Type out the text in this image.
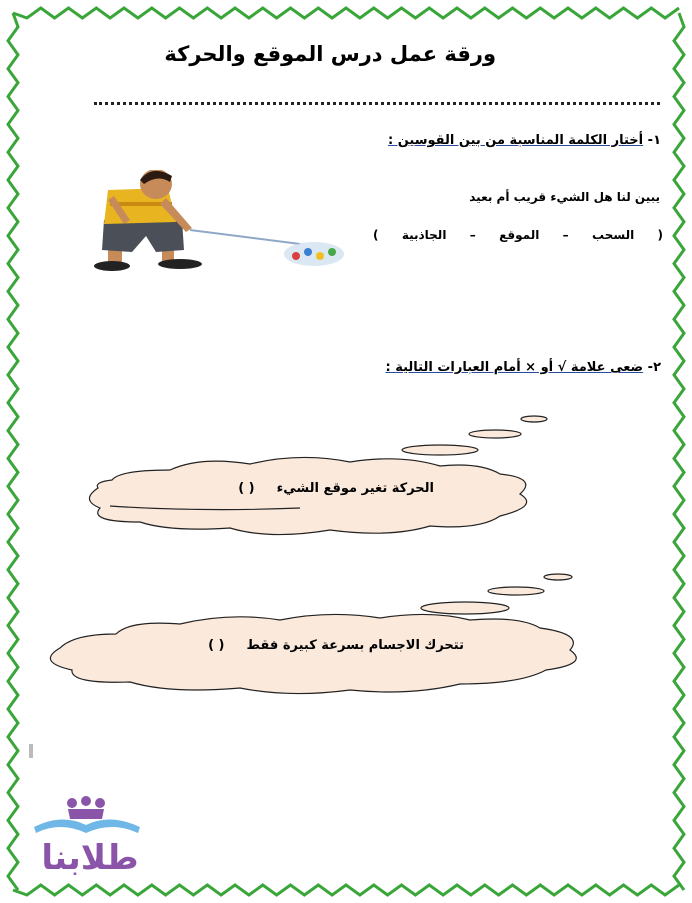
ورقة عمل درس الموقع والحركة
١- أختار الكلمة المناسبة من بين القوسين :
يبين لنا هل الشيء قريب أم بعيد
(
السحب
–
الموقع
–
الجاذبية
)
٢- ضعى علامة √ أو × أمام العبارات التالية :
الحركة تغير موقع الشيء
( )
تتحرك الاجسام بسرعة كبيرة فقط
( )
طلابنا
